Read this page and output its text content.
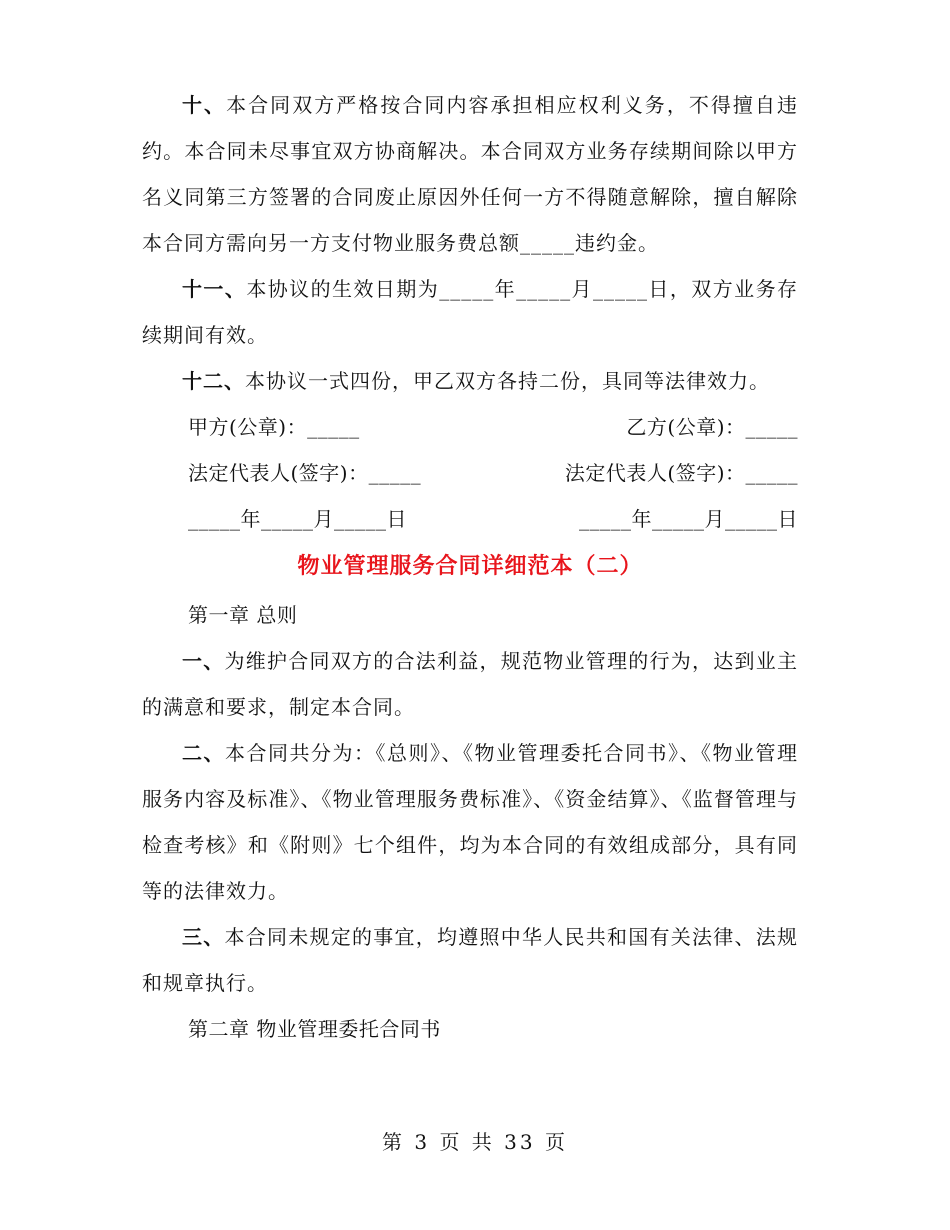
十、本合同双方严格按合同内容承担相应权利义务，不得擅自违约。本合同未尽事宜双方协商解决。本合同双方业务存续期间除以甲方名义同第三方签署的合同废止原因外任何一方不得随意解除，擅自解除本合同方需向另一方支付物业服务费总额_____违约金。

十一、本协议的生效日期为_____年_____月_____日，双方业务存续期间有效。

十二、本协议一式四份，甲乙双方各持二份，具同等法律效力。

甲方(公章)：_____	乙方(公章)：_____
法定代表人(签字)：_____	法定代表人(签字)：_____
_____年_____月_____日	_____年_____月_____日

物业管理服务合同详细范本（二）

第一章 总则

一、为维护合同双方的合法利益，规范物业管理的行为，达到业主的满意和要求，制定本合同。

二、本合同共分为：《总则》、《物业管理委托合同书》、《物业管理服务内容及标准》、《物业管理服务费标准》、《资金结算》、《监督管理与检查考核》和《附则》七个组件，均为本合同的有效组成部分，具有同等的法律效力。

三、本合同未规定的事宜，均遵照中华人民共和国有关法律、法规和规章执行。

第二章 物业管理委托合同书

第 3 页 共 33 页
